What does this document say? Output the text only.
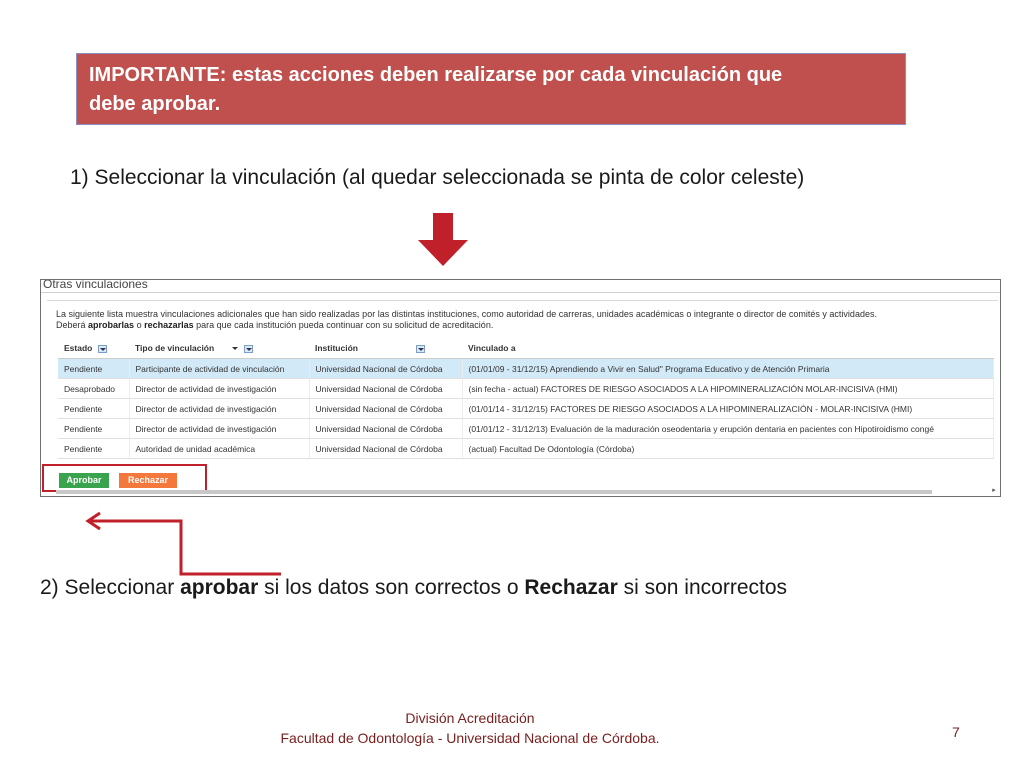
IMPORTANTE: estas acciones deben realizarse por cada vinculación que
debe aprobar.
1) Seleccionar la vinculación (al quedar seleccionada se pinta de color celeste)
Otras vinculaciones
La siguiente lista muestra vinculaciones adicionales que han sido realizadas por las distintas instituciones, como autoridad de carreras, unidades académicas o integrante o director de comités y actividades.
Deberá aprobarlas o rechazarlas para que cada institución pueda continuar con su solicitud de acreditación.
Estado	Tipo de vinculación	Institución	Vinculado a
Pendiente	Participante de actividad de vinculación	Universidad Nacional de Córdoba	(01/01/09 - 31/12/15) Aprendiendo a Vivir en Salud" Programa Educativo y de Atención Primaria
Desaprobado	Director de actividad de investigación	Universidad Nacional de Córdoba	(sin fecha - actual) FACTORES DE RIESGO ASOCIADOS A LA HIPOMINERALIZACIÓN MOLAR-INCISIVA (HMI)
Pendiente	Director de actividad de investigación	Universidad Nacional de Córdoba	(01/01/14 - 31/12/15) FACTORES DE RIESGO ASOCIADOS A LA HIPOMINERALIZACIÓN - MOLAR-INCISIVA (HMI)
Pendiente	Director de actividad de investigación	Universidad Nacional de Córdoba	(01/01/12 - 31/12/13) Evaluación de la maduración oseodentaria y erupción dentaria en pacientes con Hipotiroidismo congé
Pendiente	Autoridad de unidad académica	Universidad Nacional de Córdoba	(actual) Facultad De Odontología (Córdoba)
Aprobar	Rechazar
▸
2) Seleccionar aprobar si los datos son correctos o Rechazar si son incorrectos
División Acreditación
Facultad de Odontología - Universidad Nacional de Córdoba.	7
